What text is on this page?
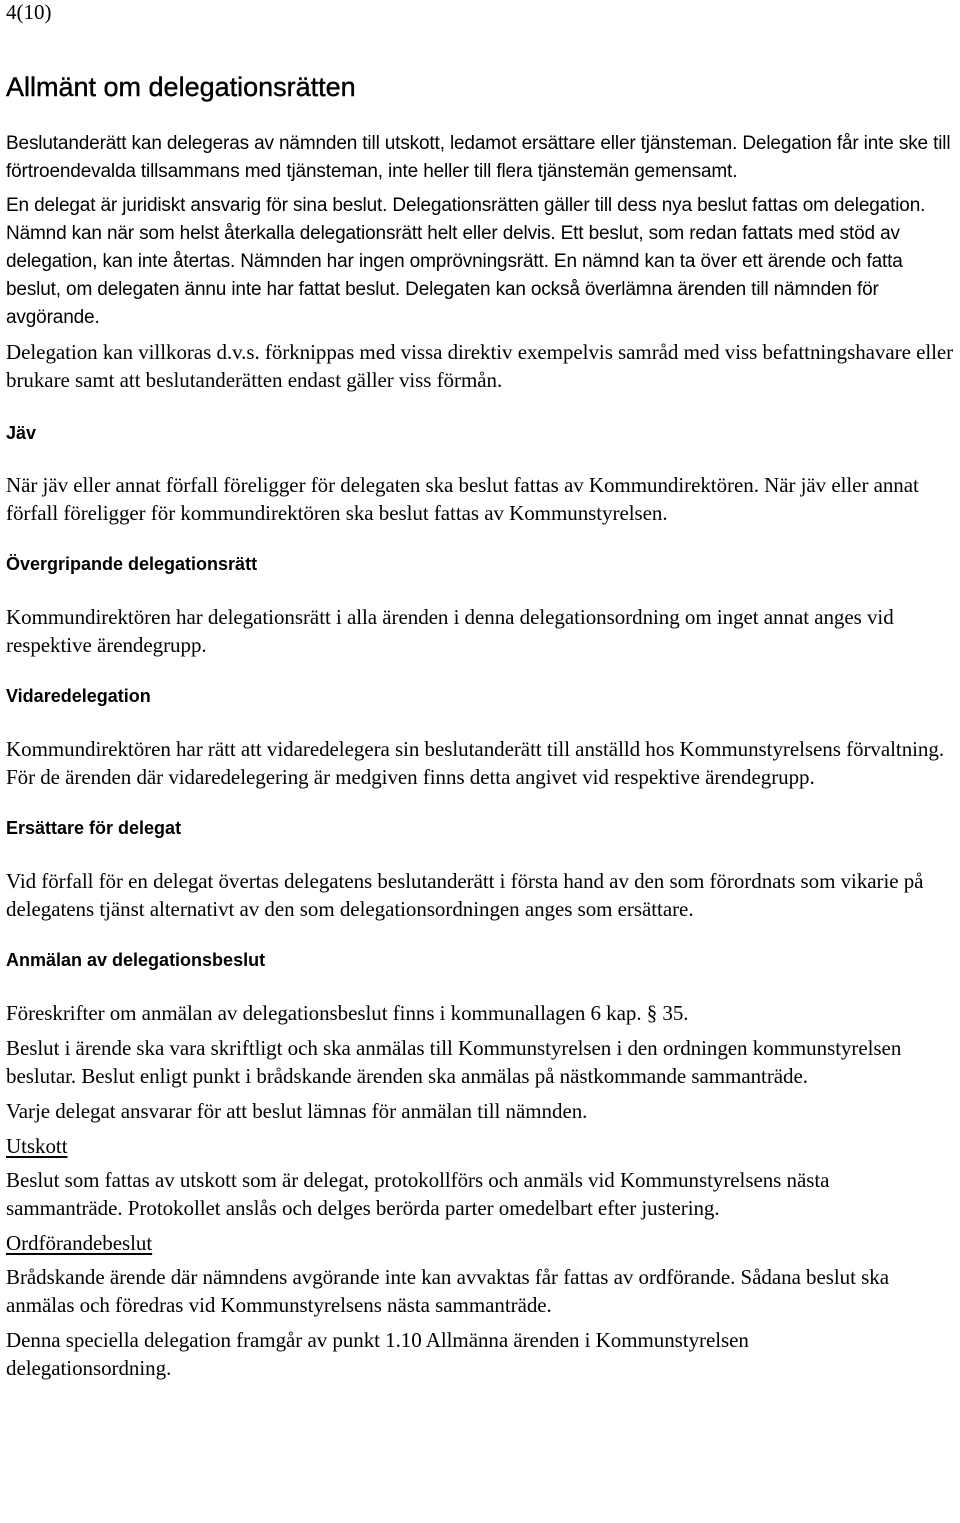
4(10)

Allmänt om delegationsrätten

Beslutanderätt kan delegeras av nämnden till utskott, ledamot ersättare eller tjänsteman. Delegation får inte ske till förtroendevalda tillsammans med tjänsteman, inte heller till flera tjänstemän gemensamt.

En delegat är juridiskt ansvarig för sina beslut. Delegationsrätten gäller till dess nya beslut fattas om delegation. Nämnd kan när som helst återkalla delegationsrätt helt eller delvis. Ett beslut, som redan fattats med stöd av delegation, kan inte återtas. Nämnden har ingen omprövningsrätt. En nämnd kan ta över ett ärende och fatta beslut, om delegaten ännu inte har fattat beslut. Delegaten kan också överlämna ärenden till nämnden för avgörande.

Delegation kan villkoras d.v.s. förknippas med vissa direktiv exempelvis samråd med viss befattningshavare eller brukare samt att beslutanderätten endast gäller viss förmån.

Jäv

När jäv eller annat förfall föreligger för delegaten ska beslut fattas av Kommundirektören. När jäv eller annat förfall föreligger för kommundirektören ska beslut fattas av Kommunstyrelsen.

Övergripande delegationsrätt

Kommundirektören har delegationsrätt i alla ärenden i denna delegationsordning om inget annat anges vid respektive ärendegrupp.

Vidaredelegation

Kommundirektören har rätt att vidaredelegera sin beslutanderätt till anställd hos Kommunstyrelsens förvaltning. För de ärenden där vidaredelegering är medgiven finns detta angivet vid respektive ärendegrupp.

Ersättare för delegat

Vid förfall för en delegat övertas delegatens beslutanderätt i första hand av den som förordnats som vikarie på delegatens tjänst alternativt av den som delegationsordningen anges som ersättare.

Anmälan av delegationsbeslut

Föreskrifter om anmälan av delegationsbeslut finns i kommunallagen 6 kap. § 35.

Beslut i ärende ska vara skriftligt och ska anmälas till Kommunstyrelsen i den ordningen kommunstyrelsen beslutar. Beslut enligt punkt i brådskande ärenden ska anmälas på nästkommande sammanträde.

Varje delegat ansvarar för att beslut lämnas för anmälan till nämnden.

Utskott

Beslut som fattas av utskott som är delegat, protokollförs och anmäls vid Kommunstyrelsens nästa sammanträde. Protokollet anslås och delges berörda parter omedelbart efter justering.

Ordförandebeslut

Brådskande ärende där nämndens avgörande inte kan avvaktas får fattas av ordförande. Sådana beslut ska anmälas och föredras vid Kommunstyrelsens nästa sammanträde.

Denna speciella delegation framgår av punkt 1.10 Allmänna ärenden i Kommunstyrelsen delegationsordning.
